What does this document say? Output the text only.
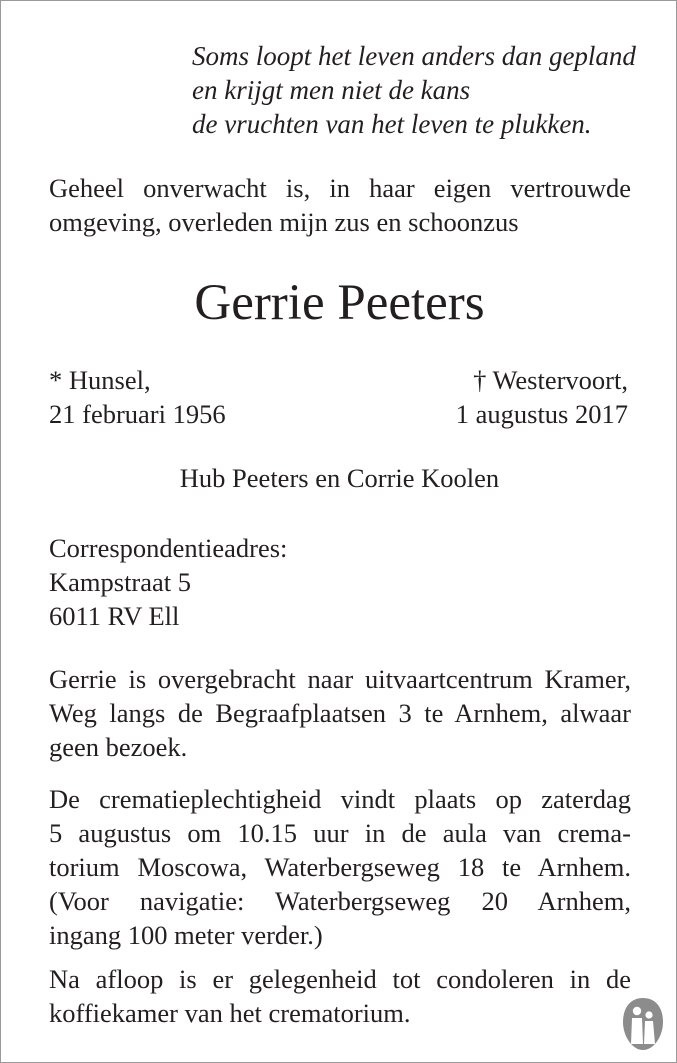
Soms loopt het leven anders dan gepland
en krijgt men niet de kans
de vruchten van het leven te plukken.
Geheel onverwacht is, in haar eigen vertrouwde
omgeving, overleden mijn zus en schoonzus
Gerrie Peeters
* Hunsel,
21 februari 1956
† Westervoort,
1 augustus 2017
Hub Peeters en Corrie Koolen
Correspondentieadres:
Kampstraat 5
6011 RV Ell
Gerrie is overgebracht naar uitvaartcentrum Kramer,
Weg langs de Begraafplaatsen 3 te Arnhem, alwaar
geen bezoek.
De crematieplechtigheid vindt plaats op zaterdag
5 augustus om 10.15 uur in de aula van crema-
torium Moscowa, Waterbergseweg 18 te Arnhem.
(Voor navigatie: Waterbergseweg 20 Arnhem,
ingang 100 meter verder.)
Na afloop is er gelegenheid tot condoleren in de
koffiekamer van het crematorium.
